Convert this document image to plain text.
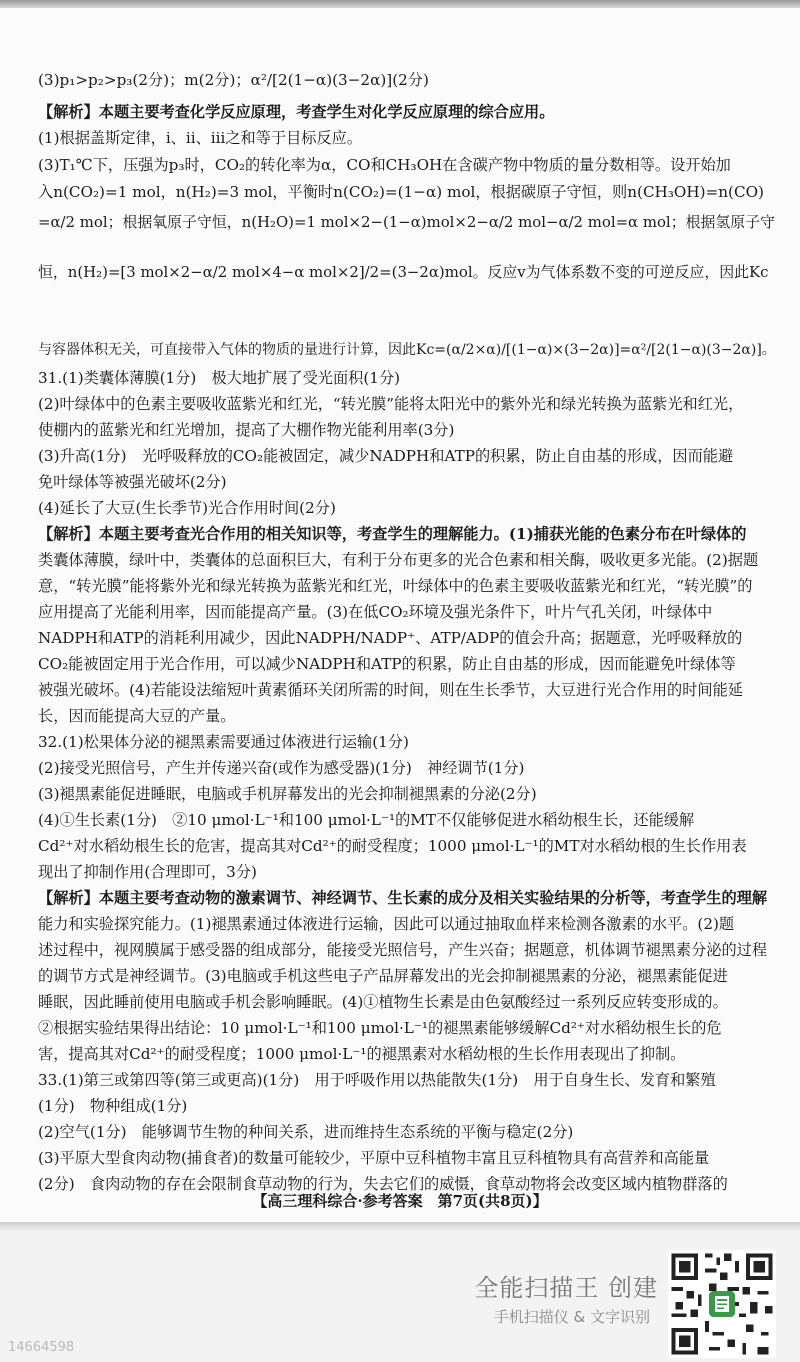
(3)p₁>p₂>p₃(2分)；m(2分)；α²/[2(1−α)(3−2α)](2分)
【解析】本题主要考查化学反应原理，考查学生对化学反应原理的综合应用。
(1)根据盖斯定律，ⅰ、ⅱ、ⅲ之和等于目标反应。
(3)T₁℃下，压强为p₃时，CO₂的转化率为α，CO和CH₃OH在含碳产物中物质的量分数相等。设开始加
入n(CO₂)=1 mol，n(H₂)=3 mol，平衡时n(CO₂)=(1−α) mol，根据碳原子守恒，则n(CH₃OH)=n(CO)
=α/2 mol；根据氧原子守恒，n(H₂O)=1 mol×2−(1−α)mol×2−α/2 mol−α/2 mol=α mol；根据氢原子守
恒，n(H₂)=[3 mol×2−α/2 mol×4−α mol×2]/2=(3−2α)mol。反应ⅴ为气体系数不变的可逆反应，因此Kc
与容器体积无关，可直接带入气体的物质的量进行计算，因此Kc=(α/2×α)/[(1−α)×(3−2α)]=α²/[2(1−α)(3−2α)]。
31.(1)类囊体薄膜(1分)　极大地扩展了受光面积(1分)
(2)叶绿体中的色素主要吸收蓝紫光和红光，“转光膜”能将太阳光中的紫外光和绿光转换为蓝紫光和红光，
使棚内的蓝紫光和红光增加，提高了大棚作物光能利用率(3分)
(3)升高(1分)　光呼吸释放的CO₂能被固定，减少NADPH和ATP的积累，防止自由基的形成，因而能避
免叶绿体等被强光破坏(2分)
(4)延长了大豆(生长季节)光合作用时间(2分)
【解析】本题主要考查光合作用的相关知识等，考查学生的理解能力。(1)捕获光能的色素分布在叶绿体的
类囊体薄膜，绿叶中，类囊体的总面积巨大，有利于分布更多的光合色素和相关酶，吸收更多光能。(2)据题
意，“转光膜”能将紫外光和绿光转换为蓝紫光和红光，叶绿体中的色素主要吸收蓝紫光和红光，“转光膜”的
应用提高了光能利用率，因而能提高产量。(3)在低CO₂环境及强光条件下，叶片气孔关闭，叶绿体中
NADPH和ATP的消耗利用减少，因此NADPH/NADP⁺、ATP/ADP的值会升高；据题意，光呼吸释放的
CO₂能被固定用于光合作用，可以减少NADPH和ATP的积累，防止自由基的形成，因而能避免叶绿体等
被强光破坏。(4)若能设法缩短叶黄素循环关闭所需的时间，则在生长季节，大豆进行光合作用的时间能延
长，因而能提高大豆的产量。
32.(1)松果体分泌的褪黑素需要通过体液进行运输(1分)
(2)接受光照信号，产生并传递兴奋(或作为感受器)(1分)　神经调节(1分)
(3)褪黑素能促进睡眠，电脑或手机屏幕发出的光会抑制褪黑素的分泌(2分)
(4)①生长素(1分)　②10 μmol·L⁻¹和100 μmol·L⁻¹的MT不仅能够促进水稻幼根生长，还能缓解
Cd²⁺对水稻幼根生长的危害，提高其对Cd²⁺的耐受程度；1000 μmol·L⁻¹的MT对水稻幼根的生长作用表
现出了抑制作用(合理即可，3分)
【解析】本题主要考查动物的激素调节、神经调节、生长素的成分及相关实验结果的分析等，考查学生的理解
能力和实验探究能力。(1)褪黑素通过体液进行运输，因此可以通过抽取血样来检测各激素的水平。(2)题
述过程中，视网膜属于感受器的组成部分，能接受光照信号，产生兴奋；据题意，机体调节褪黑素分泌的过程
的调节方式是神经调节。(3)电脑或手机这些电子产品屏幕发出的光会抑制褪黑素的分泌，褪黑素能促进
睡眠，因此睡前使用电脑或手机会影响睡眠。(4)①植物生长素是由色氨酸经过一系列反应转变形成的。
②根据实验结果得出结论：10 μmol·L⁻¹和100 μmol·L⁻¹的褪黑素能够缓解Cd²⁺对水稻幼根生长的危
害，提高其对Cd²⁺的耐受程度；1000 μmol·L⁻¹的褪黑素对水稻幼根的生长作用表现出了抑制。
33.(1)第三或第四等(第三或更高)(1分)　用于呼吸作用以热能散失(1分)　用于自身生长、发育和繁殖
(1分)　物种组成(1分)
(2)空气(1分)　能够调节生物的种间关系，进而维持生态系统的平衡与稳定(2分)
(3)平原大型食肉动物(捕食者)的数量可能较少，平原中豆科植物丰富且豆科植物具有高营养和高能量
(2分)　食肉动物的存在会限制食草动物的行为，失去它们的威慑，食草动物将会改变区域内植物群落的
【高三理科综合·参考答案　第7页(共8页)】
全能扫描王 创建
手机扫描仪 & 文字识别
14664598
